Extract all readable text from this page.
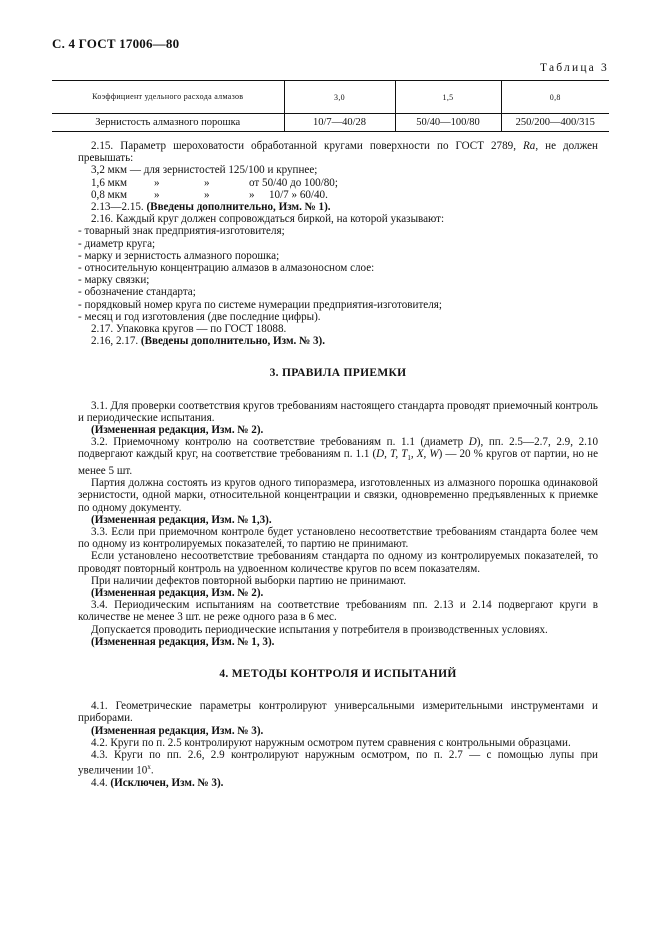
С. 4 ГОСТ 17006—80
Таблица 3
Коэффициент удельного расхода алмазов	3,0	1,5	0,8
Зернистость алмазного порошка	10/7—40/28	50/40—100/80	250/200—400/315

2.15. Параметр шероховатости обработанной кругами поверхности по ГОСТ 2789, Ra, не должен превышать:

3,2 мкм — для зернистостей 125/100 и крупнее;

1,6 мкм »	»	от 50/40 до 100/80;

0,8 мкм »	»	» 10/7 » 60/40.

2.13—2.15. (Введены дополнительно, Изм. № 1).

2.16. Каждый круг должен сопровождаться биркой, на которой указывают:

- товарный знак предприятия-изготовителя;

- диаметр круга;

- марку и зернистость алмазного порошка;

- относительную концентрацию алмазов в алмазоносном слое:

- марку связки;

- обозначение стандарта;

- порядковый номер круга по системе нумерации предприятия-изготовителя;

- месяц и год изготовления (две последние цифры).

2.17. Упаковка кругов — по ГОСТ 18088.

2.16, 2.17. (Введены дополнительно, Изм. № 3).

3. ПРАВИЛА ПРИЕМКИ

3.1. Для проверки соответствия кругов требованиям настоящего стандарта проводят приемочный контроль и периодические испытания.

(Измененная редакция, Изм. № 2).

3.2. Приемочному контролю на соответствие требованиям п. 1.1 (диаметр D), пп. 2.5—2.7, 2.9, 2.10 подвергают каждый круг, на соответствие требованиям п. 1.1 (D, T, $T_1$, X, W) — 20 % кругов от партии, но не менее 5 шт.

Партия должна состоять из кругов одного типоразмера, изготовленных из алмазного порошка одинаковой зернистости, одной марки, относительной концентрации и связки, одновременно предъявленных к приемке по одному документу.

(Измененная редакция, Изм. № 1,3).

3.3. Если при приемочном контроле будет установлено несоответствие требованиям стандарта более чем по одному из контролируемых показателей, то партию не принимают.

Если установлено несоответствие требованиям стандарта по одному из контролируемых показателей, то проводят повторный контроль на удвоенном количестве кругов по всем показателям.

При наличии дефектов повторной выборки партию не принимают.

(Измененная редакция, Изм. № 2).

3.4. Периодическим испытаниям на соответствие требованиям пп. 2.13 и 2.14 подвергают круги в количестве не менее 3 шт. не реже одного раза в 6 мес.

Допускается проводить периодические испытания у потребителя в производственных условиях.

(Измененная редакция, Изм. № 1, 3).

4. МЕТОДЫ КОНТРОЛЯ И ИСПЫТАНИЙ

4.1. Геометрические параметры контролируют универсальными измерительными инструментами и приборами.

(Измененная редакция, Изм. № 3).

4.2. Круги по п. 2.5 контролируют наружным осмотром путем сравнения с контрольными образцами.

4.3. Круги по пп. 2.6, 2.9 контролируют наружным осмотром, по п. 2.7 — с помощью лупы при увеличении $10^х$.

4.4. (Исключен, Изм. № 3).
